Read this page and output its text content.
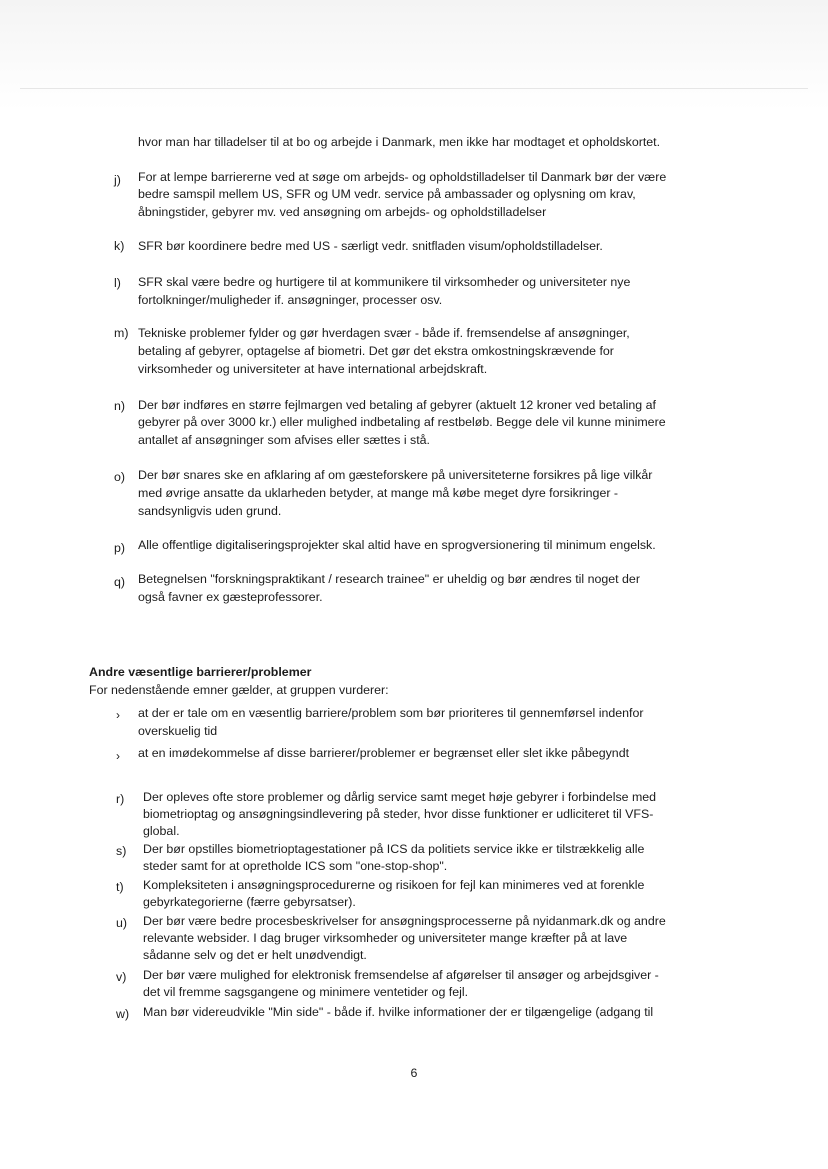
hvor man har tilladelser til at bo og arbejde i Danmark, men ikke har modtaget et opholdskortet.
j) For at lempe barriererne ved at søge om arbejds- og opholdstilladelser til Danmark bør der være
bedre samspil mellem US, SFR og UM vedr. service på ambassader og oplysning om krav,
åbningstider, gebyrer mv. ved ansøgning om arbejds- og opholdstilladelser
k) SFR bør koordinere bedre med US - særligt vedr. snitfladen visum/opholdstilladelser.
l) SFR skal være bedre og hurtigere til at kommunikere til virksomheder og universiteter nye
fortolkninger/muligheder if. ansøgninger, processer osv.
m) Tekniske problemer fylder og gør hverdagen svær - både if. fremsendelse af ansøgninger,
betaling af gebyrer, optagelse af biometri. Det gør det ekstra omkostningskrævende for
virksomheder og universiteter at have international arbejdskraft.
n) Der bør indføres en større fejlmargen ved betaling af gebyrer (aktuelt 12 kroner ved betaling af
gebyrer på over 3000 kr.) eller mulighed indbetaling af restbeløb. Begge dele vil kunne minimere
antallet af ansøgninger som afvises eller sættes i stå.
o) Der bør snares ske en afklaring af om gæsteforskere på universiteterne forsikres på lige vilkår
med øvrige ansatte da uklarheden betyder, at mange må købe meget dyre forsikringer -
sandsynligvis uden grund.
p) Alle offentlige digitaliseringsprojekter skal altid have en sprogversionering til minimum engelsk.
q) Betegnelsen "forskningspraktikant / research trainee" er uheldig og bør ændres til noget der
også favner ex gæsteprofessorer.
Andre væsentlige barrierer/problemer
For nedenstående emner gælder, at gruppen vurderer:
› at der er tale om en væsentlig barriere/problem som bør prioriteres til gennemførsel indenfor
overskuelig tid
› at en imødekommelse af disse barrierer/problemer er begrænset eller slet ikke påbegyndt
r) Der opleves ofte store problemer og dårlig service samt meget høje gebyrer i forbindelse med
biometrioptag og ansøgningsindlevering på steder, hvor disse funktioner er udliciteret til VFS-
global.
s) Der bør opstilles biometrioptagestationer på ICS da politiets service ikke er tilstrækkelig alle
steder samt for at opretholde ICS som "one-stop-shop".
t) Kompleksiteten i ansøgningsprocedurerne og risikoen for fejl kan minimeres ved at forenkle
gebyrkategorierne (færre gebyrsatser).
u) Der bør være bedre procesbeskrivelser for ansøgningsprocesserne på nyidanmark.dk og andre
relevante websider. I dag bruger virksomheder og universiteter mange kræfter på at lave
sådanne selv og det er helt unødvendigt.
v) Der bør være mulighed for elektronisk fremsendelse af afgørelser til ansøger og arbejdsgiver -
det vil fremme sagsgangene og minimere ventetider og fejl.
w) Man bør videreudvikle "Min side" - både if. hvilke informationer der er tilgængelige (adgang til
6
